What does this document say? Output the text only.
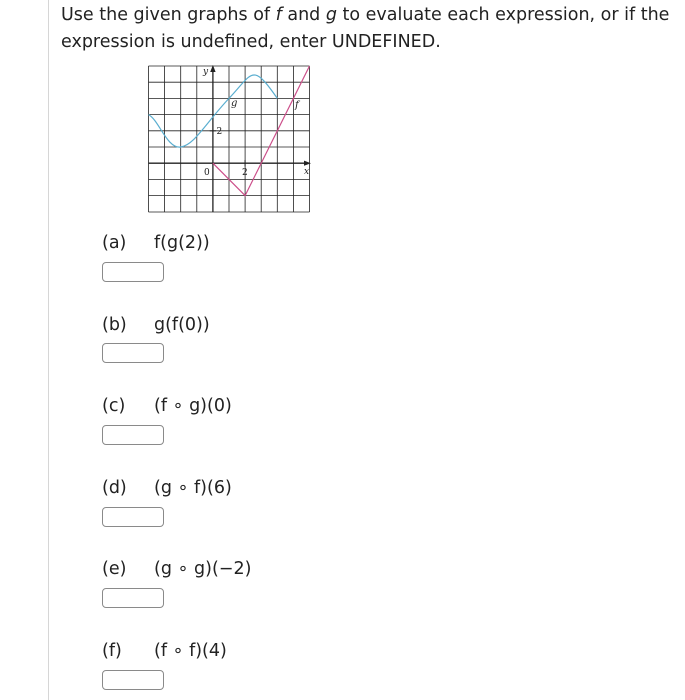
Use the given graphs of f and g to evaluate each expression, or if the
expression is undefined, enter UNDEFINED.
y
x
0	2
2
g	f
(a) f(g(2))
(b) g(f(0))
(c) (f ∘ g)(0)
(d) (g ∘ f)(6)
(e) (g ∘ g)(−2)
(f) (f ∘ f)(4)
